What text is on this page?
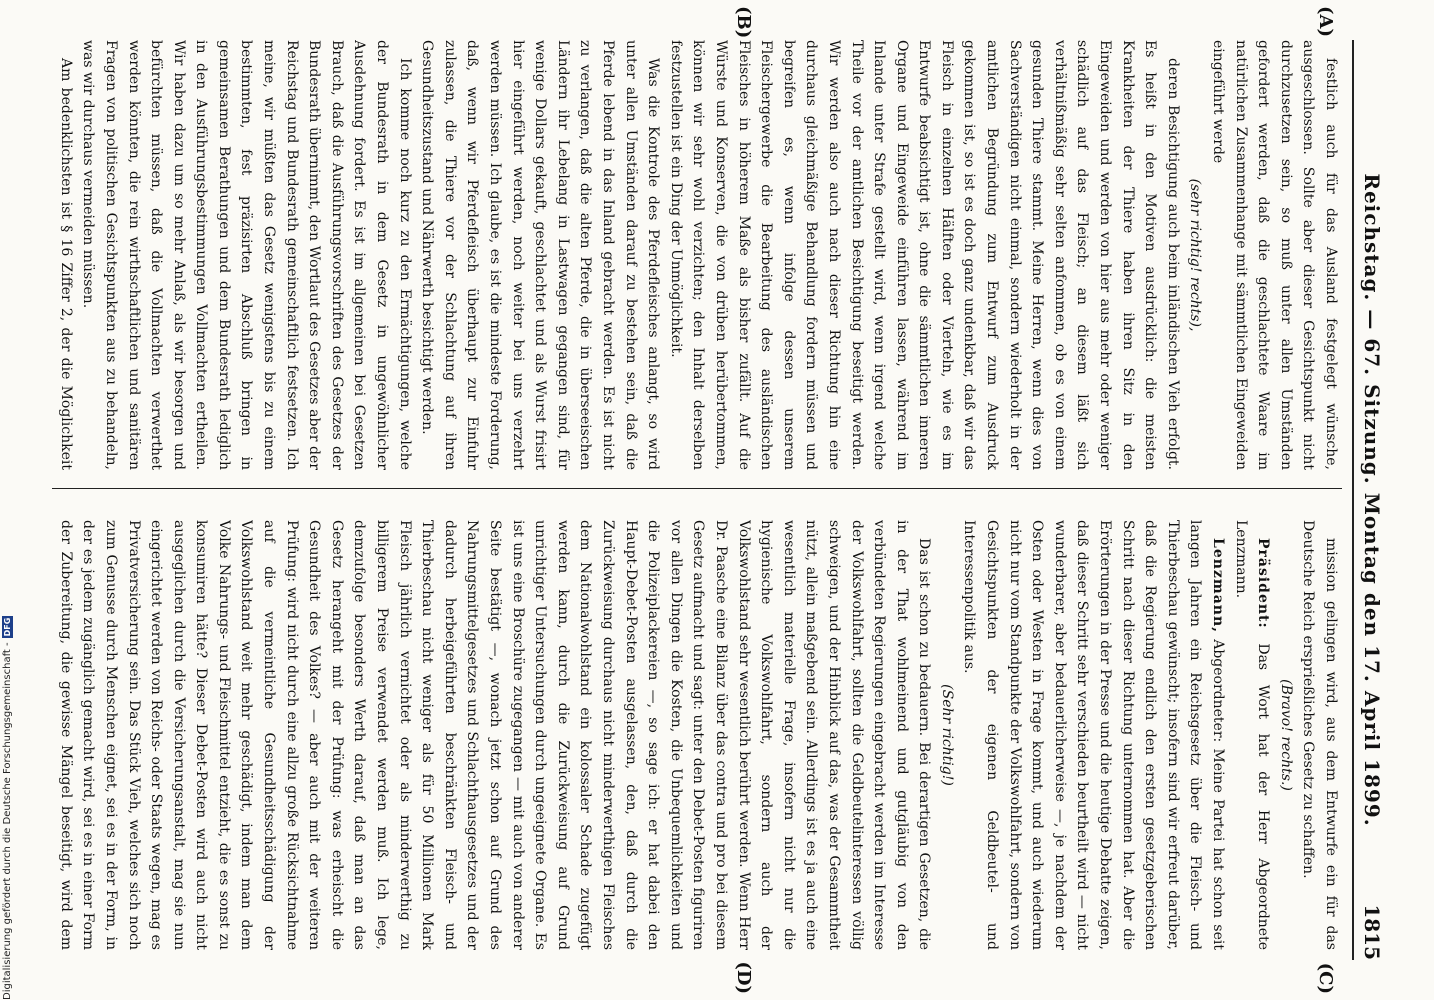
Reichstag. — 67. Sitzung. Montag den 17. April 1899.
1815
(A)
(B)
(C)
(D)

festlich auch für das Ausland festgelegt wünsche, ausgeschlossen. Sollte aber dieser Gesichtspunkt nicht durchzusetzen sein, so muß unter allen Umständen gefordert werden, daß die geschlachtete Waare im natürlichen Zusammenhange mit sämmtlichen Eingeweiden eingeführt werde

(sehr richtig! rechts),

deren Besichtigung auch beim inländischen Vieh erfolgt. Es heißt in den Motiven ausdrücklich: die meisten Krankheiten der Thiere haben ihren Sitz in den Eingeweiden und werden von hier aus mehr oder weniger schädlich auf das Fleisch; an diesem läßt sich verhältnißmäßig sehr selten anfommen, ob es von einem gesunden Thiere stammt. Meine Herren, wenn dies von Sachverständigen nicht einmal, sondern wiederholt in der amtlichen Begründung zum Entwurf zum Ausdruck gekommen ist, so ist es doch ganz undenkbar, daß wir das Fleisch in einzelnen Hälften oder Vierteln, wie es im Entwurfe beabsichtigt ist, ohne die sämmtlichen inneren Organe und Eingeweide einführen lassen, während im Inlande unter Strafe gestellt wird, wenn irgend welche Theile vor der amtlichen Besichtigung beseitigt werden. Wir werden also auch nach dieser Richtung hin eine durchaus gleichmäßige Behandlung fordern müssen und begreifen es, wenn infolge dessen unserem Fleischergewerbe die Bearbeitung des ausländischen Fleisches in höherem Maße als bisher zufällt. Auf die Würste und Konserven, die von drüben herübertommen, können wir sehr wohl verzichten; den Inhalt derselben festzustellen ist ein Ding der Unmöglichkeit.

Was die Kontrole des Pferdefleisches anlangt, so wird unter allen Umständen darauf zu bestehen sein, daß die Pferde lebend in das Inland gebracht werden. Es ist nicht zu verlangen, daß die alten Pferde, die in überseeischen Ländern ihr Lebelang in Lastwagen gegangen sind, für wenige Dollars gekauft, geschlachtet und als Wurst frisirt hier eingeführt werden, noch weiter bei uns verzehrt werden müssen. Ich glaube, es ist die mindeste Forderung, daß, wenn wir Pferdefleisch überhaupt zur Einfuhr zulassen, die Thiere vor der Schlachtung auf ihren Gesundheitszustand und Nährwerth besichtigt werden.

Ich komme noch kurz zu den Ermächtigungen, welche der Bundesrath in dem Gesetz in ungewöhnlicher Ausdehnung fordert. Es ist im allgemeinen bei Gesetzen Brauch, daß die Ausführungsvorschriften des Gesetzes der Bundesrath übernimmt, den Wortlaut des Gesetzes aber der Reichstag und Bundesrath gemeinschaftlich festsetzen. Ich meine, wir müßten das Gesetz wenigstens bis zu einem bestimmten, fest präzisirten Abschluß bringen in gemeinsamen Berathungen und dem Bundesrath lediglich in den Ausführungsbestimmungen Vollmachten ertheilen. Wir haben dazu um so mehr Anlaß, als wir besorgen und befürchten müssen, daß die Vollmachten verwerthet werden könnten, die rein wirthschaftlichen und sanitären Fragen von politischen Gesichtspunkten aus zu behandeln, was wir durchaus vermeiden müssen.

Am bedenklichsten ist § 16 Ziffer 2, der die Möglichkeit

mission gelingen wird, aus dem Entwurfe ein für das Deutsche Reich ersprießliches Gesetz zu schaffen.

(Bravo! rechts.)

Präsident: Das Wort hat der Herr Abgeordnete Lenzmann.

Lenzmann, Abgeordneter: Meine Partei hat schon seit langen Jahren ein Reichsgesetz über die Fleisch- und Thierbeschau gewünscht; insofern sind wir erfreut darüber, daß die Regierung endlich den ersten gesetzgeberischen Schritt nach dieser Richtung unternommen hat. Aber die Erörterungen in der Presse und die heutige Debatte zeigen, daß dieser Schritt sehr verschieden beurtheilt wird — nicht wunderbarer, aber bedauerlicherweise —, je nachdem der Osten oder Westen in Frage kommt, und auch wiederum nicht nur vom Standpunkte der Volkswohlfahrt, sondern von Gesichtspunkten der eigenen Geldbeutel- und Interessenpolitik aus.

(Sehr richtig!)

Das ist schon zu bedauern. Bei derartigen Gesetzen, die in der That wohlmeinend und gutgläubig von den verbündeten Regierungen eingebracht werden im Interesse der Volkswohlfahrt, sollten die Geldbeutelinteressen völlig schweigen, und der Hinblick auf das, was der Gesammtheit nützt, allein maßgebend sein. Allerdings ist es ja auch eine wesentlich materielle Frage, insofern nicht nur die hygienische Volkswohlfahrt, sondern auch der Volkswohlstand sehr wesentlich berührt werden. Wenn Herr Dr. Paasche eine Bilanz über das contra und pro bei diesem Gesetz aufmacht und sagt: unter den Debet-Posten figuriren vor allen Dingen die Kosten, die Unbequemlichkeiten und die Polizeiplackereien —, so sage ich: er hat dabei den Haupt-Debet-Posten ausgelassen, den, daß durch die Zurückweisung durchaus nicht minderwerthigen Fleisches dem Nationalwohlstand ein kolossaler Schade zugefügt werden kann, durch die Zurückweisung auf Grund unrichtiger Untersuchungen durch ungeeignete Organe. Es ist uns eine Broschüre zugegangen — mit auch von anderer Seite bestätigt —, wonach jetzt schon auf Grund des Nahrungsmittelgesetzes und Schlachthausgesetzes und der dadurch herbeigeführten beschränkten Fleisch- und Thierbeschau nicht weniger als für 50 Millionen Mark Fleisch jährlich vernichtet oder als minderwerthig zu billigerem Preise verwendet werden muß. Ich lege, demzufolge besonders Werth darauf, daß man an das Gesetz herangeht mit der Prüfung: was erheischt die Gesundheit des Volkes? — aber auch mit der weiteren Prüfung: wird nicht durch eine allzu große Rücksichtnahme auf die vermeintliche Gesundheitsschädigung der Volkswohlstand weit mehr geschädigt, indem man dem Volke Nahrungs- und Fleischmittel entzieht, die es sonst zu konsumiren hätte? Dieser Debet-Posten wird auch nicht ausgeglichen durch die Versicherungsanstalt, mag sie nun eingerichtet werden von Reichs- oder Staats wegen, mag es Privatversicherung sein. Das Stück Vieh, welches sich noch zum Genusse durch Menschen eignet, sei es in der Form, in der es jedem zugänglich gemacht wird, sei es in einer Form der Zubereitung, die gewisse Mängel beseitigt, wird dem

Digitalisierung gefördert durch die Deutsche Forschungsgemeinschaft -
DFG
